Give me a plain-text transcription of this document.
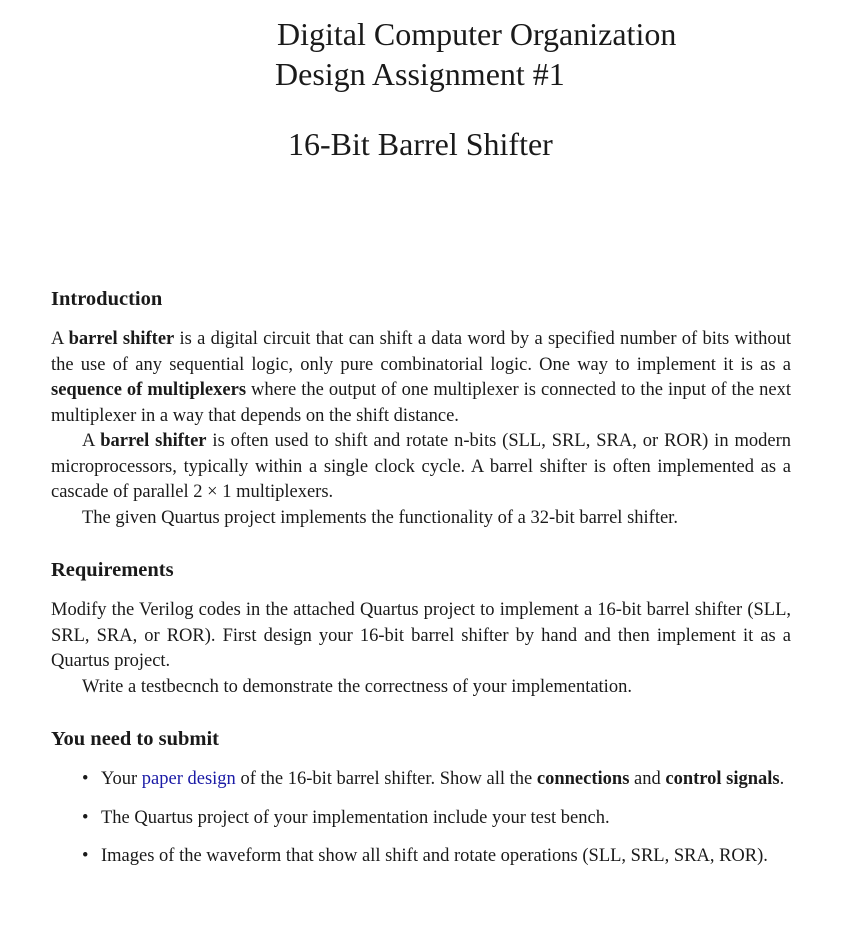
Digital Computer Organization
Design Assignment #1
16-Bit Barrel Shifter
Introduction

A barrel shifter is a digital circuit that can shift a data word by a specified number of bits without the use of any sequential logic, only pure combinatorial logic. One way to implement it is as a sequence of multiplexers where the output of one multiplexer is connected to the input of the next multiplexer in a way that depends on the shift distance.

A barrel shifter is often used to shift and rotate n-bits (SLL, SRL, SRA, or ROR) in modern microprocessors, typically within a single clock cycle. A barrel shifter is often implemented as a cascade of parallel 2 × 1 multiplexers.

The given Quartus project implements the functionality of a 32-bit barrel shifter.

Requirements

Modify the Verilog codes in the attached Quartus project to implement a 16-bit barrel shifter (SLL, SRL, SRA, or ROR). First design your 16-bit barrel shifter by hand and then implement it as a Quartus project.

Write a testbecnch to demonstrate the correctness of your implementation.

You need to submit
• Your paper design of the 16-bit barrel shifter. Show all the connections and control signals.
• The Quartus project of your implementation include your test bench.
• Images of the waveform that show all shift and rotate operations (SLL, SRL, SRA, ROR).
